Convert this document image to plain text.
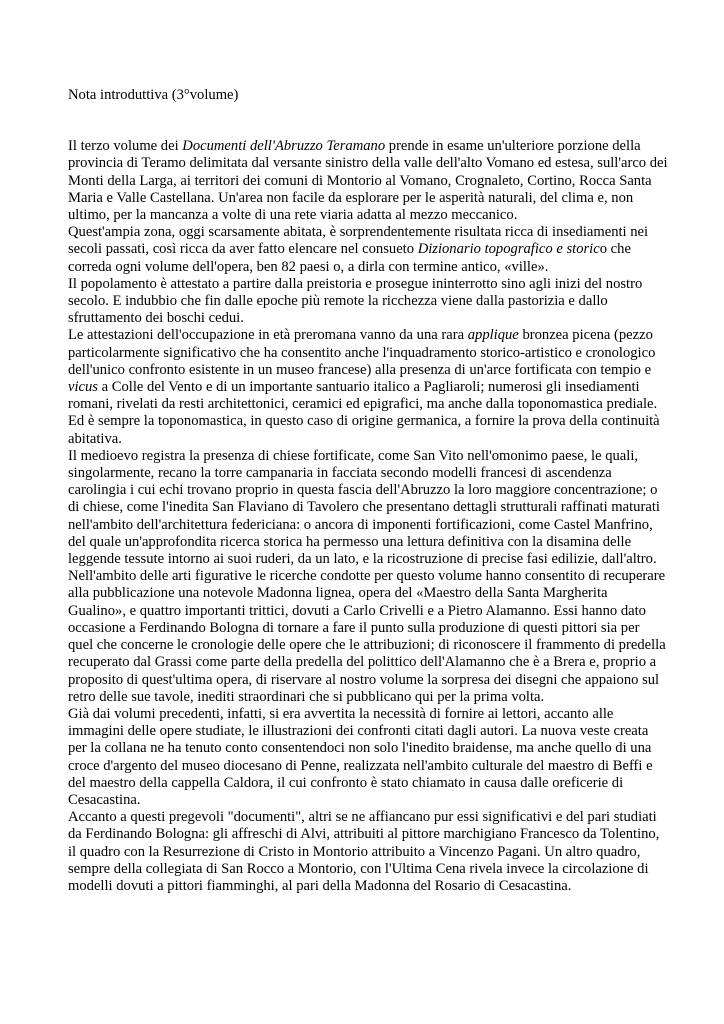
Nota introduttiva (3°volume)

Il terzo volume dei Documenti dell'Abruzzo Teramano prende in esame un'ulteriore porzione della provincia di Teramo delimitata dal versante sinistro della valle dell'alto Vomano ed estesa, sull'arco dei Monti della Larga, ai territori dei comuni di Montorio al Vomano, Crognaleto, Cortino, Rocca Santa Maria e Valle Castellana. Un'area non facile da esplorare per le asperità naturali, del clima e, non ultimo, per la mancanza a volte di una rete viaria adatta al mezzo meccanico.

Quest'ampia zona, oggi scarsamente abitata, è sorprendentemente risultata ricca di insediamenti nei secoli passati, così ricca da aver fatto elencare nel consueto Dizionario topografico e storico che correda ogni volume dell'opera, ben 82 paesi o, a dirla con termine antico, «ville».

Il popolamento è attestato a partire dalla preistoria e prosegue ininterrotto sino agli inizi del nostro secolo. E indubbio che fin dalle epoche più remote la ricchezza viene dalla pastorizia e dallo sfruttamento dei boschi cedui.

Le attestazioni dell'occupazione in età preromana vanno da una rara applique bronzea picena (pezzo particolarmente significativo che ha consentito anche l'inquadramento storico-artistico e cronologico dell'unico confronto esistente in un museo francese) alla presenza di un'arce fortificata con tempio e vicus a Colle del Vento e di un importante santuario italico a Pagliaroli; numerosi gli insediamenti romani, rivelati da resti architettonici, ceramici ed epigrafici, ma anche dalla toponomastica prediale. Ed è sempre la toponomastica, in questo caso di origine germanica, a fornire la prova della continuità abitativa.

Il medioevo registra la presenza di chiese fortificate, come San Vito nell'omonimo paese, le quali, singolarmente, recano la torre campanaria in facciata secondo modelli francesi di ascendenza carolingia i cui echi trovano proprio in questa fascia dell'Abruzzo la loro maggiore concentrazione; o di chiese, come l'inedita San Flaviano di Tavolero che presentano dettagli strutturali raffinati maturati nell'ambito dell'architettura federiciana: o ancora di imponenti fortificazioni, come Castel Manfrino, del quale un'approfondita ricerca storica ha permesso una lettura definitiva con la disamina delle leggende tessute intorno ai suoi ruderi, da un lato, e la ricostruzione di precise fasi edilizie, dall'altro.

Nell'ambito delle arti figurative le ricerche condotte per questo volume hanno consentito di recuperare alla pubblicazione una notevole Madonna lignea, opera del «Maestro della Santa Margherita Gualino», e quattro importanti trittici, dovuti a Carlo Crivelli e a Pietro Alamanno. Essi hanno dato occasione a Ferdinando Bologna di tornare a fare il punto sulla produzione di questi pittori sia per quel che concerne le cronologie delle opere che le attribuzioni; di riconoscere il frammento di predella recuperato dal Grassi come parte della predella del polittico dell'Alamanno che è a Brera e, proprio a proposito di quest'ultima opera, di riservare al nostro volume la sorpresa dei disegni che appaiono sul retro delle sue tavole, inediti straordinari che si pubblicano qui per la prima volta.

Già dai volumi precedenti, infatti, si era avvertita la necessità di fornire ai lettori, accanto alle immagini delle opere studiate, le illustrazioni dei confronti citati dagli autori. La nuova veste creata per la collana ne ha tenuto conto consentendoci non solo l'inedito braidense, ma anche quello di una croce d'argento del museo diocesano di Penne, realizzata nell'ambito culturale del maestro di Beffi e del maestro della cappella Caldora, il cui confronto è stato chiamato in causa dalle oreficerie di Cesacastina.

Accanto a questi pregevoli "documenti", altri se ne affiancano pur essi significativi e del pari studiati da Ferdinando Bologna: gli affreschi di Alvi, attribuiti al pittore marchigiano Francesco da Tolentino, il quadro con la Resurrezione di Cristo in Montorio attribuito a Vincenzo Pagani. Un altro quadro, sempre della collegiata di San Rocco a Montorio, con l'Ultima Cena rivela invece la circolazione di modelli dovuti a pittori fiamminghi, al pari della Madonna del Rosario di Cesacastina.
